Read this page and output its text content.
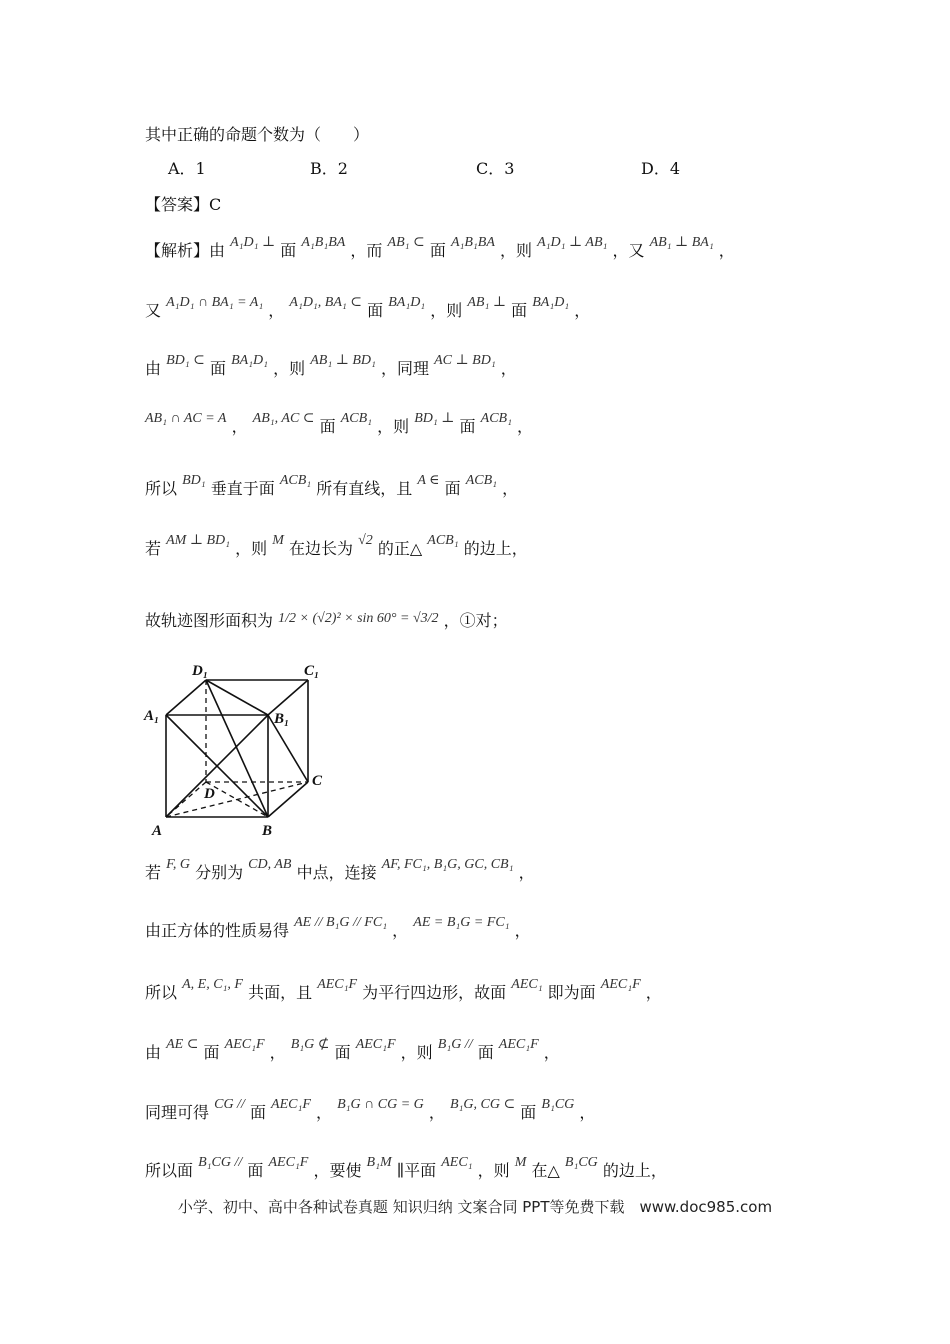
其中正确的命题个数为（　　）
A．1	B．2	C．3	D．4
【答案】C
【解析】由 A₁D₁ ⊥ 面 A₁B₁BA ，而 AB₁ ⊂ 面 A₁B₁BA ，则 A₁D₁ ⊥ AB₁ ，又 AB₁ ⊥ BA₁ ，
又 A₁D₁ ∩ BA₁ = A₁ ， A₁D₁, BA₁ ⊂ 面 BA₁D₁ ，则 AB₁ ⊥ 面 BA₁D₁ ，
由 BD₁ ⊂ 面 BA₁D₁ ，则 AB₁ ⊥ BD₁ ，同理 AC ⊥ BD₁ ，
AB₁ ∩ AC = A ， AB₁, AC ⊂ 面 ACB₁ ，则 BD₁ ⊥ 面 ACB₁ ，
所以 BD₁ 垂直于面 ACB₁ 所有直线，且 A ∈ 面 ACB₁ ，
若 AM ⊥ BD₁ ，则 M 在边长为 √2 的正△ ACB₁ 的边上，
故轨迹图形面积为 1/2 × (√2)² × sin 60° = √3/2 ，①对；
D₁	C₁
A₁	B₁
D
C
A	B
若 F, G 分别为 CD, AB 中点，连接 AF, FC₁, B₁G, GC, CB₁ ，
由正方体的性质易得 AE // B₁G // FC₁ ， AE = B₁G = FC₁ ，
所以 A, E, C₁, F 共面，且 AEC₁F 为平行四边形，故面 AEC₁ 即为面 AEC₁F ，
由 AE ⊂ 面 AEC₁F ， B₁G ⊄ 面 AEC₁F ，则 B₁G // 面 AEC₁F ，
同理可得 CG // 面 AEC₁F ， B₁G ∩ CG = G ， B₁G, CG ⊂ 面 B₁CG ，
所以面 B₁CG // 面 AEC₁F ，要使 B₁M ∥平面 AEC₁ ，则 M 在△ B₁CG 的边上，
小学、初中、高中各种试卷真题 知识归纳 文案合同 PPT等免费下载　www.doc985.com
